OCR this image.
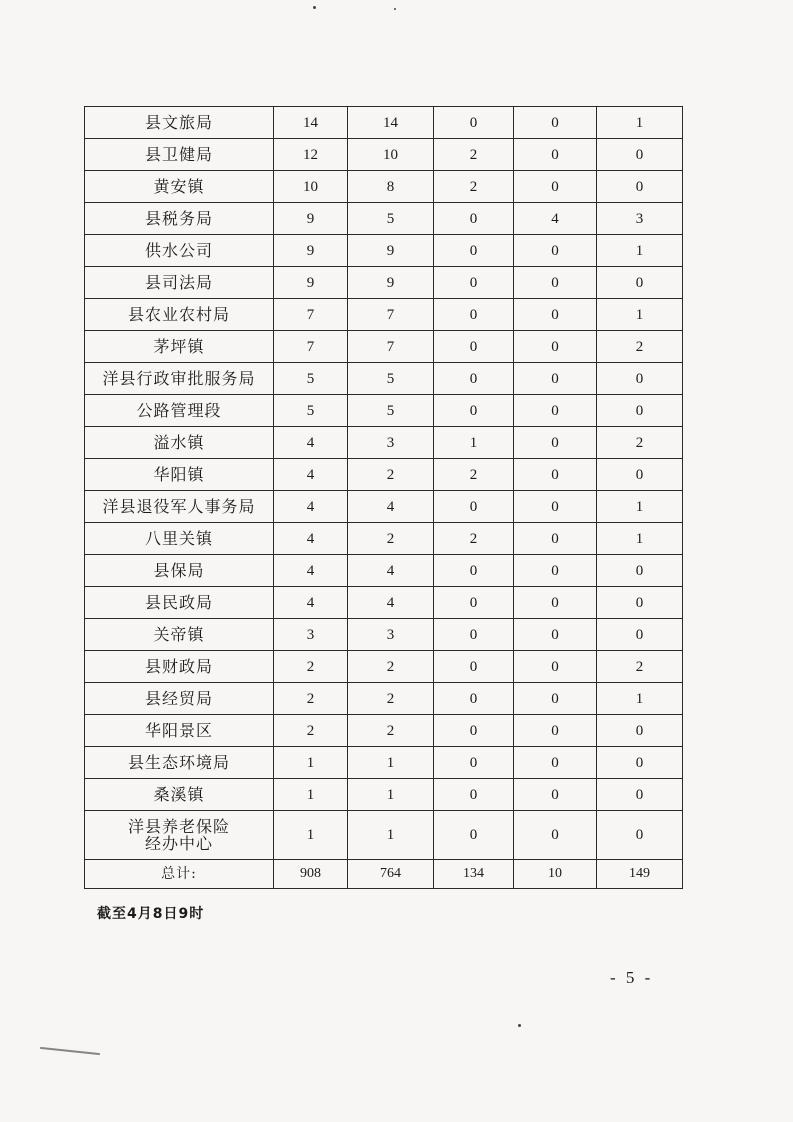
县文旅局	14	14	0	0	1

县卫健局	12	10	2	0	0

黄安镇	10	8	2	0	0

县税务局	9	5	0	4	3

供水公司	9	9	0	0	1

县司法局	9	9	0	0	0

县农业农村局	7	7	0	0	1

茅坪镇	7	7	0	0	2

洋县行政审批服务局	5	5	0	0	0

公路管理段	5	5	0	0	0

溢水镇	4	3	1	0	2

华阳镇	4	2	2	0	0

洋县退役军人事务局	4	4	0	0	1

八里关镇	4	2	2	0	1

县保局	4	4	0	0	0

县民政局	4	4	0	0	0

关帝镇	3	3	0	0	0

县财政局	2	2	0	0	2

县经贸局	2	2	0	0	1

华阳景区	2	2	0	0	0

县生态环境局	1	1	0	0	0

桑溪镇	1	1	0	0	0

洋县养老保险
经办中心	1	1	0	0	0
总计:	908	764	134	10	149
截至4月8日9时
- 5 -
